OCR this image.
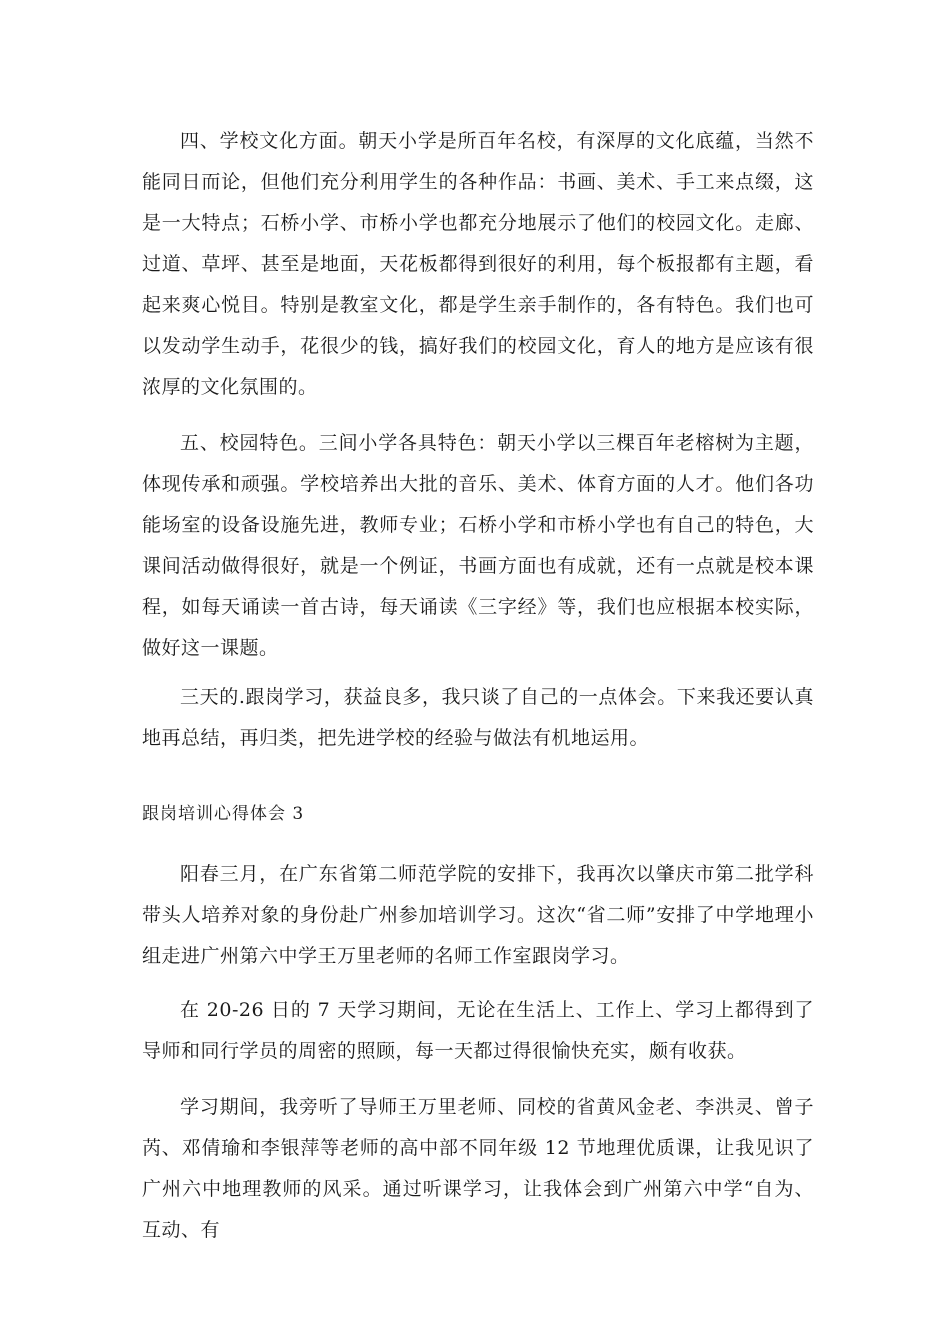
四、学校文化方面。朝天小学是所百年名校，有深厚的文化底蕴，当然不能同日而论，但他们充分利用学生的各种作品：书画、美术、手工来点缀，这是一大特点；石桥小学、市桥小学也都充分地展示了他们的校园文化。走廊、过道、草坪、甚至是地面，天花板都得到很好的利用，每个板报都有主题，看起来爽心悦目。特别是教室文化，都是学生亲手制作的，各有特色。我们也可以发动学生动手，花很少的钱，搞好我们的校园文化，育人的地方是应该有很浓厚的文化氛围的。

五、校园特色。三间小学各具特色：朝天小学以三棵百年老榕树为主题，体现传承和顽强。学校培养出大批的音乐、美术、体育方面的人才。他们各功能场室的设备设施先进，教师专业；石桥小学和市桥小学也有自己的特色，大课间活动做得很好，就是一个例证，书画方面也有成就，还有一点就是校本课程，如每天诵读一首古诗，每天诵读《三字经》等，我们也应根据本校实际，做好这一课题。

三天的.跟岗学习，获益良多，我只谈了自己的一点体会。下来我还要认真地再总结，再归类，把先进学校的经验与做法有机地运用。

跟岗培训心得体会 3

阳春三月，在广东省第二师范学院的安排下，我再次以肇庆市第二批学科带头人培养对象的身份赴广州参加培训学习。这次“省二师”安排了中学地理小组走进广州第六中学王万里老师的名师工作室跟岗学习。

在 20-26 日的 7 天学习期间，无论在生活上、工作上、学习上都得到了导师和同行学员的周密的照顾，每一天都过得很愉快充实，颇有收获。

学习期间，我旁听了导师王万里老师、同校的省黄风金老、李洪灵、曾子芮、邓倩瑜和李银萍等老师的高中部不同年级 12 节地理优质课，让我见识了广州六中地理教师的风采。通过听课学习，让我体会到广州第六中学“自为、互动、有
